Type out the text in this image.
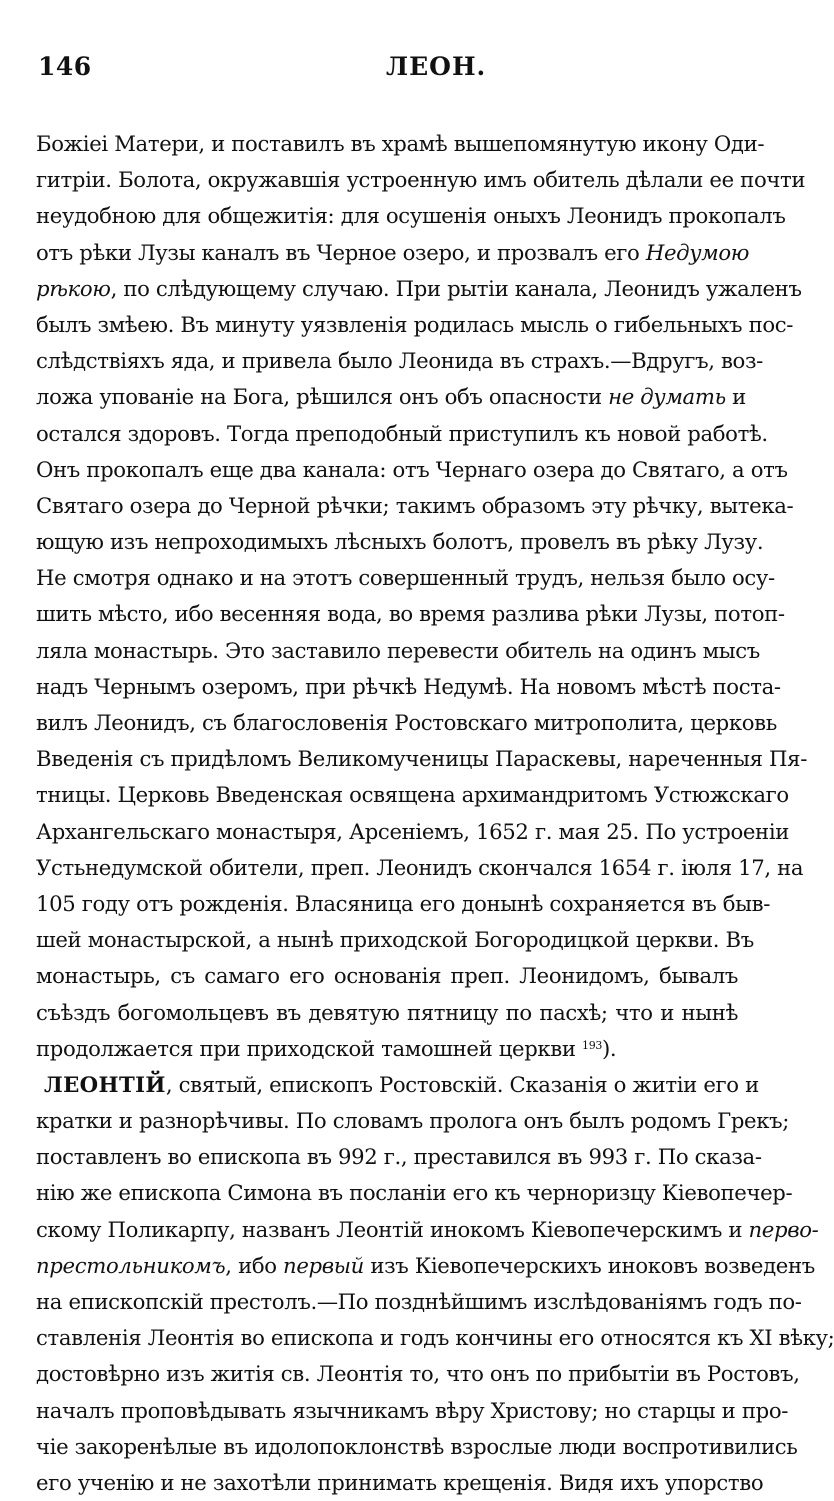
146	ЛЕОН.
Божіеі Матери, и поставилъ въ храмѣ вышепомянутую икону Оди-
гитріи. Болота, окружавшія устроенную имъ обитель дѣлали ее почти
неудобною для общежитія: для осушенія оныхъ Леонидъ прокопалъ
отъ рѣки Лузы каналъ въ Черное озеро, и прозвалъ его Недумою
рѣкою, по слѣдующему случаю. При рытіи канала, Леонидъ ужаленъ
былъ змѣею. Въ минуту уязвленія родилась мысль о гибельныхъ пос-
слѣдствіяхъ яда, и привела было Леонида въ страхъ.—Вдругъ, воз-
ложа упованіе на Бога, рѣшился онъ объ опасности не думать и
остался здоровъ. Тогда преподобный приступилъ къ новой работѣ.
Онъ прокопалъ еще два канала: отъ Чернаго озера до Святаго, а отъ
Святаго озера до Черной рѣчки; такимъ образомъ эту рѣчку, вытека-
ющую изъ непроходимыхъ лѣсныхъ болотъ, провелъ въ рѣку Лузу.
Не смотря однако и на этотъ совершенный трудъ, нельзя было осу-
шить мѣсто, ибо весенняя вода, во время разлива рѣки Лузы, потоп-
ляла монастырь. Это заставило перевести обитель на одинъ мысъ
надъ Чернымъ озеромъ, при рѣчкѣ Недумѣ. На новомъ мѣстѣ поста-
вилъ Леонидъ, съ благословенія Ростовскаго митрополита, церковь
Введенія съ придѣломъ Великомученицы Параскевы, нареченныя Пя-
тницы. Церковь Введенская освящена архимандритомъ Устюжскаго
Архангельскаго монастыря, Арсеніемъ, 1652 г. мая 25. По устроеніи
Устьнедумской обители, преп. Леонидъ скончался 1654 г. іюля 17, на
105 году отъ рожденія. Власяница его донынѣ сохраняется въ быв-
шей монастырской, а нынѣ приходской Богородицкой церкви. Въ
монастырь, съ самаго его основанія преп. Леонидомъ, бывалъ
съѣздъ богомольцевъ въ девятую пятницу по пасхѣ; что и нынѣ
продолжается при приходской тамошней церкви $^{193}$).
ЛЕОНТІЙ, святый, епископъ Ростовскій. Сказанія о житіи его и
кратки и разнорѣчивы. По словамъ пролога онъ былъ родомъ Грекъ;
поставленъ во епископа въ 992 г., преставился въ 993 г. По сказа-
нію же епископа Симона въ посланіи его къ черноризцу Кіевопечер-
скому Поликарпу, названъ Леонтій инокомъ Кіевопечерскимъ и перво-
престольникомъ, ибо первый изъ Кіевопечерскихъ иноковъ возведенъ
на епископскій престолъ.—По позднѣйшимъ изслѣдованіямъ годъ по-
ставленія Леонтія во епископа и годъ кончины его относятся къ XI вѣку;
достовѣрно изъ житія св. Леонтія то, что онъ по прибытіи въ Ростовъ,
началъ проповѣдывать язычникамъ вѣру Христову; но старцы и про-
чіе закоренѣлые въ идолопоклонствѣ взрослые люди воспротивились
его ученію и не захотѣли принимать крещенія. Видя ихъ упорство
